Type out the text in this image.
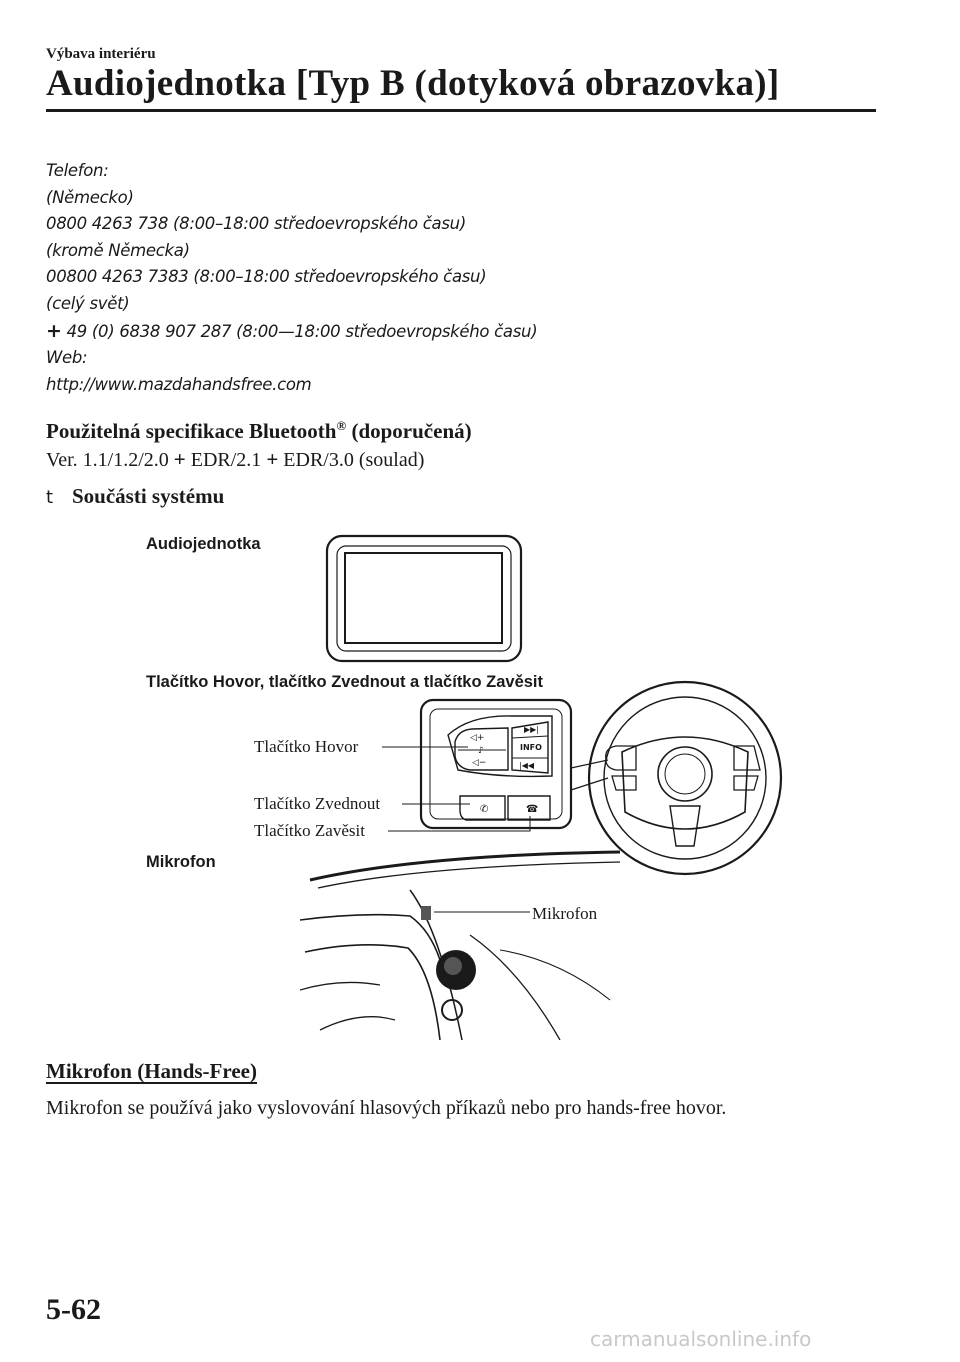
Výbava interiéru
Audiojednotka [Typ B (dotyková obrazovka)]
Telefon:
(Německo)
0800 4263 738 (8:00–18:00 středoevropského času)
(kromě Německa)
00800 4263 7383 (8:00–18:00 středoevropského času)
(celý svět)
+ 49 (0) 6838 907 287 (8:00—18:00 středoevropského času)
Web:
http://www.mazdahandsfree.com
Použitelná specifikace Bluetooth® (doporučená)
Ver. 1.1/1.2/2.0 + EDR/2.1 + EDR/3.0 (soulad)
t Součásti systému
◁+
◁−
♪
▶▶|
INFO
|◀◀
✆	☎
Audiojednotka
Tlačítko Hovor, tlačítko Zvednout a tlačítko Zavěsit
Tlačítko Hovor
Tlačítko Zvednout
Tlačítko Zavěsit
Mikrofon
Mikrofon
Mikrofon (Hands-Free)
Mikrofon se používá jako vyslovování hlasových příkazů nebo pro hands-free hovor.
5-62
carmanualsonline.info
